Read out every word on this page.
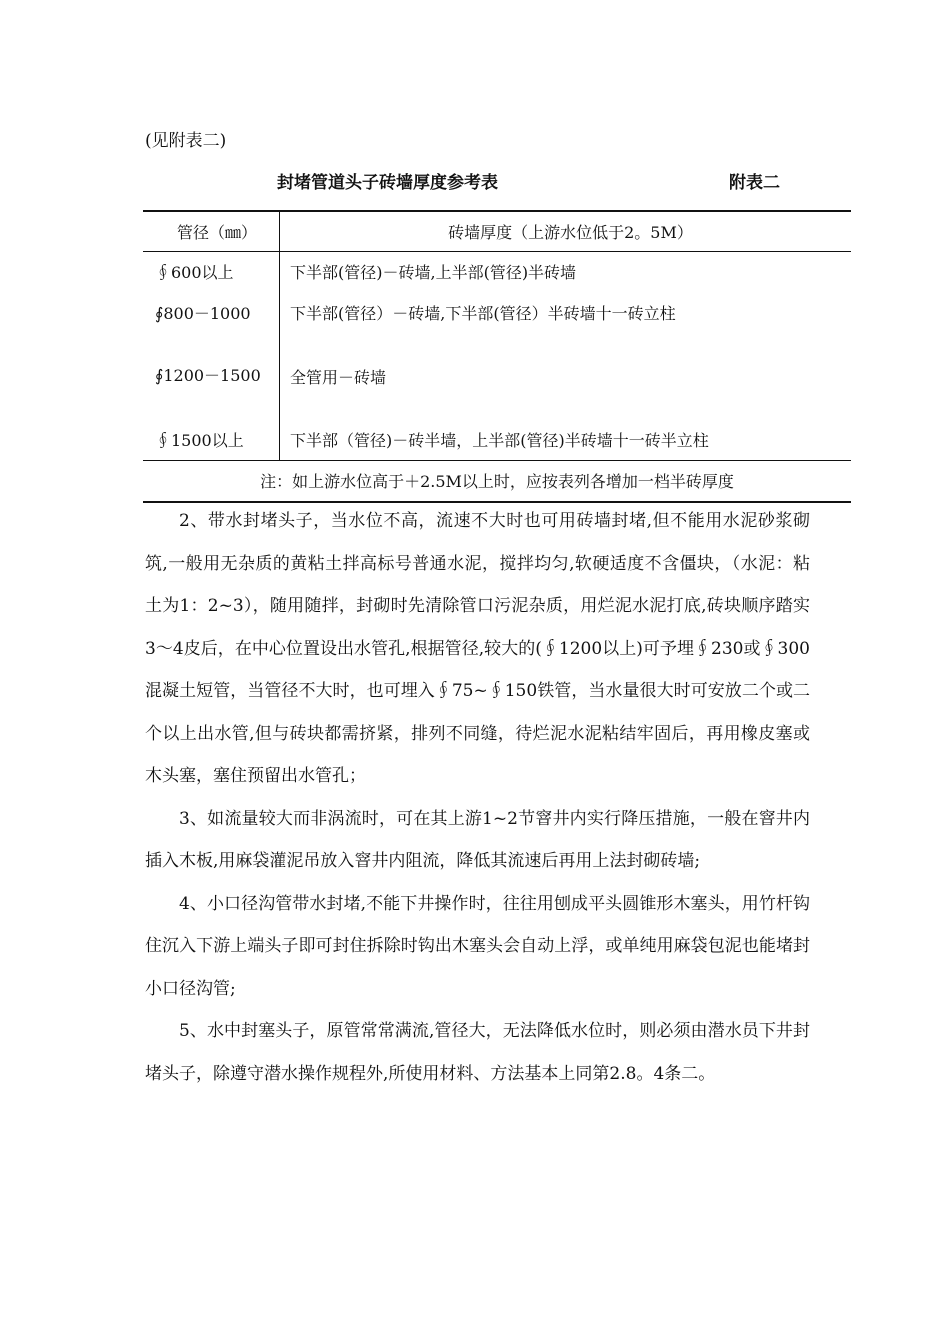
(见附表二)
封堵管道头子砖墙厚度参考表	附表二
管径（㎜）	砖墙厚度（上游水位低于2。5M）
∮600以上	下半部(管径)－砖墙,上半部(管径)半砖墙
∮800－1000	下半部(管径）－砖墙,下半部(管径）半砖墙十一砖立柱
∮1200－1500	全管用－砖墙
∮1500以上	下半部（管径)－砖半墙，上半部(管径)半砖墙十一砖半立柱
注：如上游水位高于＋2.5M以上时，应按表列各增加一档半砖厚度	

2、带水封堵头子，当水位不高，流速不大时也可用砖墙封堵,但不能用水泥砂浆砌筑,一般用无杂质的黄粘土拌高标号普通水泥，搅拌均匀,软硬适度不含僵块，（水泥：粘土为1：2~3），随用随拌，封砌时先清除管口污泥杂质，用烂泥水泥打底,砖块顺序踏实3～4皮后，在中心位置设出水管孔,根据管径,较大的(∮1200以上)可予埋∮230或∮300混凝土短管，当管径不大时，也可埋入∮75~∮150铁管，当水量很大时可安放二个或二个以上出水管,但与砖块都需挤紧，排列不同缝，待烂泥水泥粘结牢固后，再用橡皮塞或木头塞，塞住预留出水管孔；

3、如流量较大而非涡流时，可在其上游1~2节窨井内实行降压措施，一般在窨井内插入木板,用麻袋灌泥吊放入窨井内阻流，降低其流速后再用上法封砌砖墙;

4、小口径沟管带水封堵,不能下井操作时，往往用刨成平头圆锥形木塞头，用竹杆钩住沉入下游上端头子即可封住拆除时钩出木塞头会自动上浮，或单纯用麻袋包泥也能堵封小口径沟管;

5、水中封塞头子，原管常常满流,管径大，无法降低水位时，则必须由潜水员下井封堵头子，除遵守潜水操作规程外,所使用材料、方法基本上同第2.8。4条二。
